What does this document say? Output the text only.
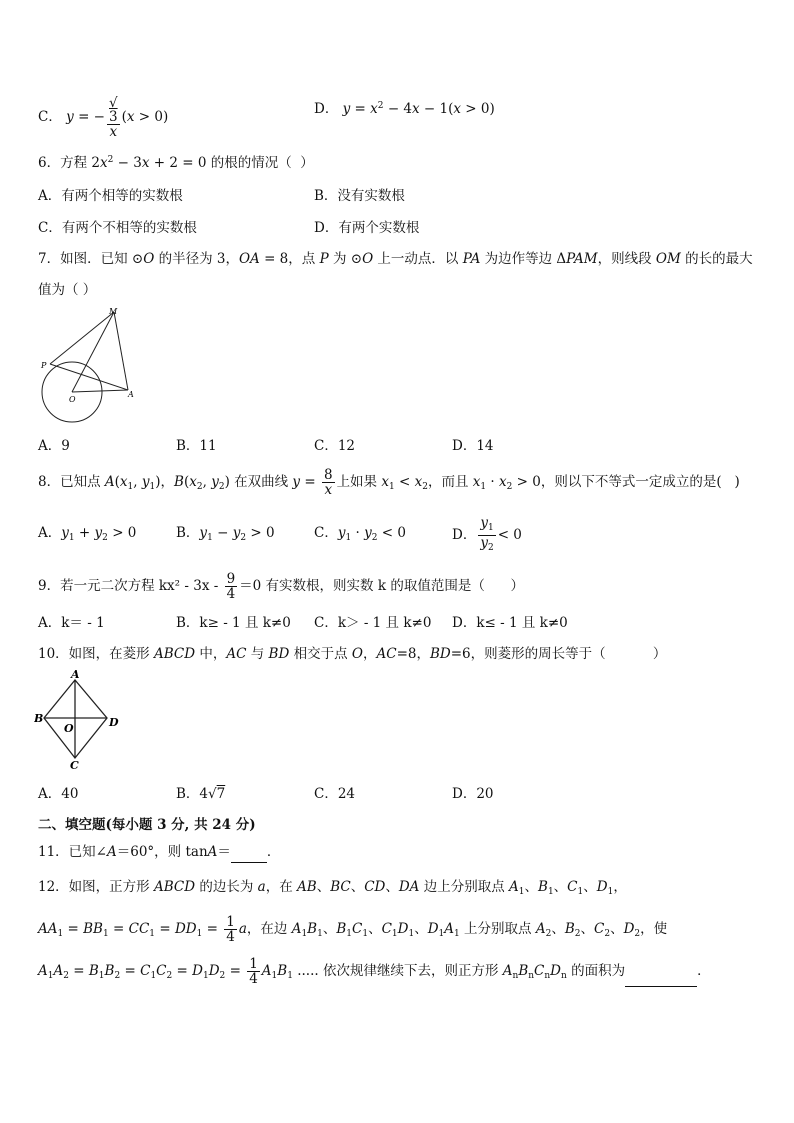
C． y = − √
3
x (x > 0)	D． $y = x^2 - 4x - 1(x > 0)$
6．方程 $2x^2 - 3x + 2 = 0$ 的根的情况（  ）
A．有两个相等的实数根	B．没有实数根
C．有两个不相等的实数根	D．有两个实数根
7．如图．已知 ⊙O 的半径为 3，OA = 8，点 P 为 ⊙O 上一动点．以 PA 为边作等边 ΔPAM，则线段 OM 的长的最大
值为（ ）
M
P
O
A
A．9	B．11	C．12	D．14
8．已知点 $A(x_1$, $y_1$)，$B(x_2$, $y_2$) 在双曲线 $y = \frac{8}{x}$ 上如果 $x_1 < x_2$，而且 $x_1 \cdot x_2 > 0$，则以下不等式一定成立的是(   )
A．$y_1 + y_2 > 0$	B．$y_1 - y_2 > 0$	C．$y_1 \cdot y_2 < 0$	D． $\frac{y_1}{y_2} < 0$
9．若一元二次方程 $kx^2 - 3x - \frac{9}{4} =0$ 有实数根，则实数 k 的取值范围是（      ）
A．k＝ - 1	B．k≥ - 1 且 k≠0 C．k＞ - 1 且 k≠0 D．k≤ - 1 且 k≠0
10．如图，在菱形 ABCD 中，AC 与 BD 相交于点 O，AC=8，BD=6，则菱形的周长等于（           ）
A
B
O	D
C
A．40	B．4√7	C．24	D．20
二、填空题(每小题 3 分, 共 24 分)
11．已知∠A＝60°，则 tanA＝	．
12．如图，正方形 ABCD 的边长为 a，在 AB、BC、CD、DA 边上分别取点 $A_1$、$B_1$、$C_1$、$D_1$，
$AA_1 = BB_1 = CC_1 = DD_1 = \frac{1}{4}$ a，在边 $A_1B_1$、$B_1C_1$、$C_1D_1$、$D_1A_1$ 上分别取点 $A_2$、$B_2$、$C_2$、$D_2$，使
$A_1A_2 = B_1B_2 = C_1C_2 = D_1D_2 = \frac{1}{4} A_1B_1$ ..... 依次规律继续下去，则正方形 $A_nB_nC_nD_n$ 的面积为	．
